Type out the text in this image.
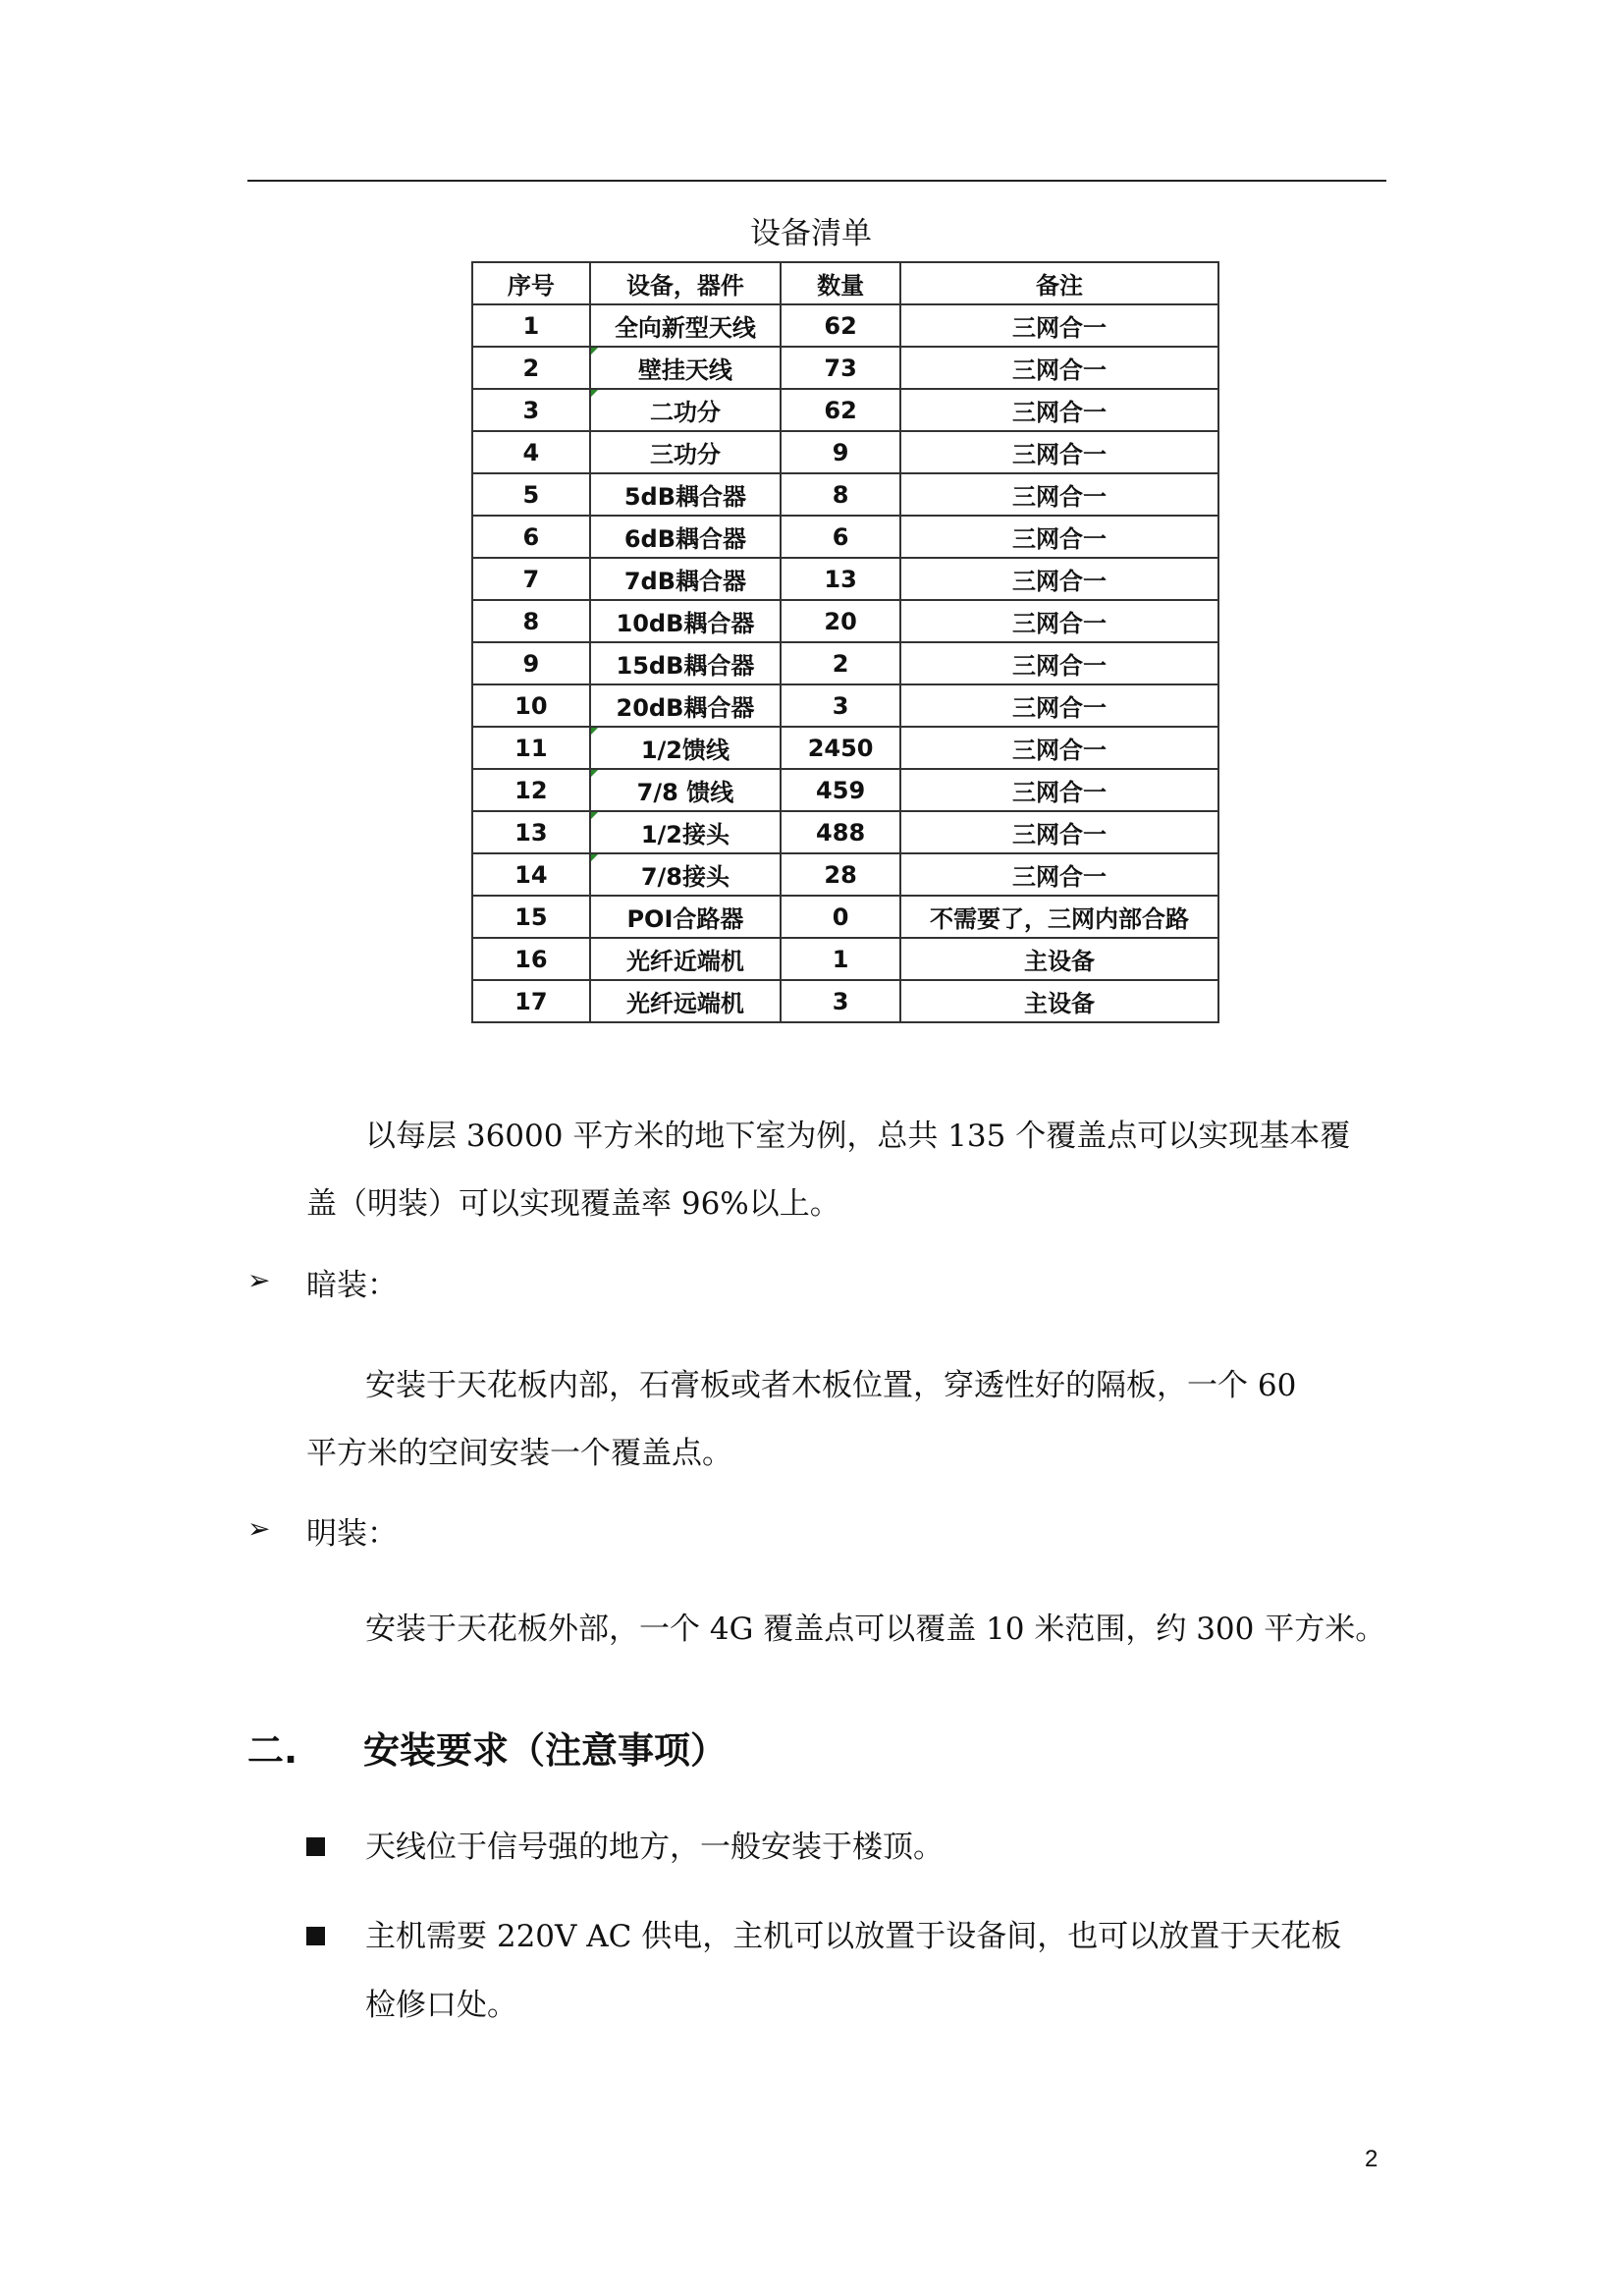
设备清单
序号	设备，器件	数量	备注
1	全向新型天线	62	三网合一
2	壁挂天线	73	三网合一
3	二功分	62	三网合一
4	三功分	9	三网合一
5	5dB耦合器	8	三网合一
6	6dB耦合器	6	三网合一
7	7dB耦合器	13	三网合一
8	10dB耦合器	20	三网合一
9	15dB耦合器	2	三网合一
10	20dB耦合器	3	三网合一
11	1/2馈线	2450	三网合一
12	7/8 馈线	459	三网合一
13	1/2接头	488	三网合一
14	7/8接头	28	三网合一
15	POI合路器	0	不需要了，三网内部合路
16	光纤近端机	1	主设备
17	光纤远端机	3	主设备
以每层 36000 平方米的地下室为例，总共 135 个覆盖点可以实现基本覆
盖（明装）可以实现覆盖率 96%以上。
➢ 暗装：
安装于天花板内部，石膏板或者木板位置，穿透性好的隔板，一个 60
平方米的空间安装一个覆盖点。
➢ 明装：
安装于天花板外部，一个 4G 覆盖点可以覆盖 10 米范围，约 300 平方米。
二. 安装要求（注意事项）
天线位于信号强的地方，一般安装于楼顶。
主机需要 220V AC 供电，主机可以放置于设备间，也可以放置于天花板
检修口处。
2
